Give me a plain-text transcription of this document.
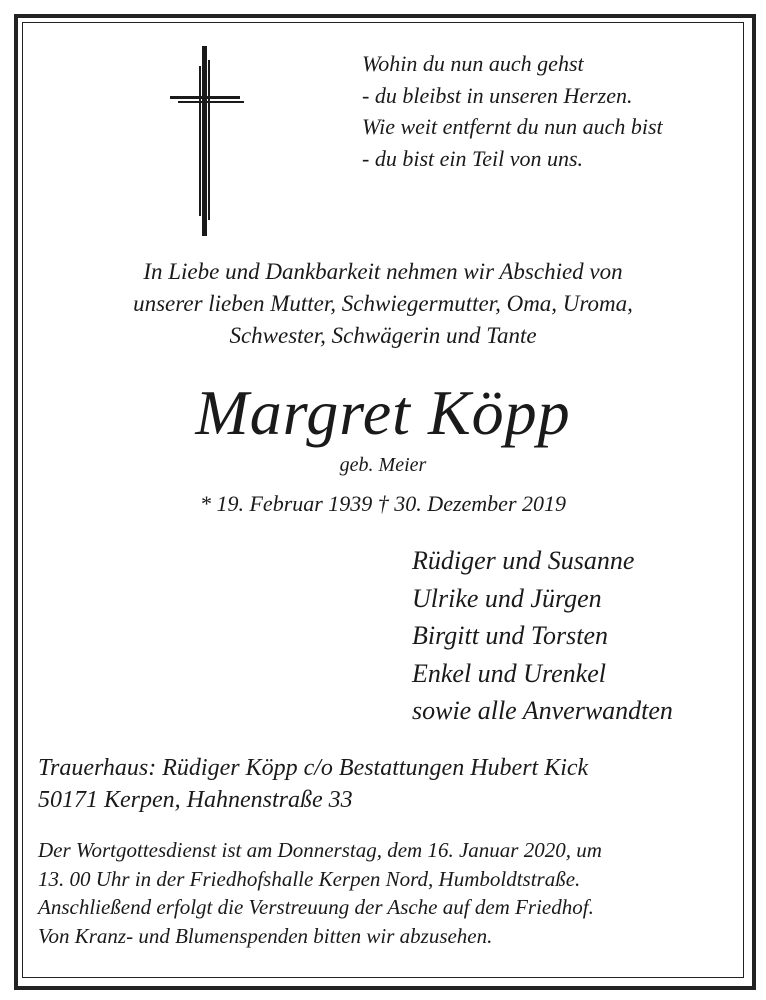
Wohin du nun auch gehst
- du bleibst in unseren Herzen.
Wie weit entfernt du nun auch bist
- du bist ein Teil von uns.
In Liebe und Dankbarkeit nehmen wir Abschied von
unserer lieben Mutter, Schwiegermutter, Oma, Uroma,
Schwester, Schwägerin und Tante
Margret Köpp
geb. Meier
* 19. Februar 1939 † 30. Dezember 2019
Rüdiger und Susanne
Ulrike und Jürgen
Birgitt und Torsten
Enkel und Urenkel
sowie alle Anverwandten
Trauerhaus: Rüdiger Köpp c/o Bestattungen Hubert Kick
50171 Kerpen, Hahnenstraße 33
Der Wortgottesdienst ist am Donnerstag, dem 16. Januar 2020, um
13. 00 Uhr in der Friedhofshalle Kerpen Nord, Humboldtstraße.
Anschließend erfolgt die Verstreuung der Asche auf dem Friedhof.
Von Kranz- und Blumenspenden bitten wir abzusehen.
